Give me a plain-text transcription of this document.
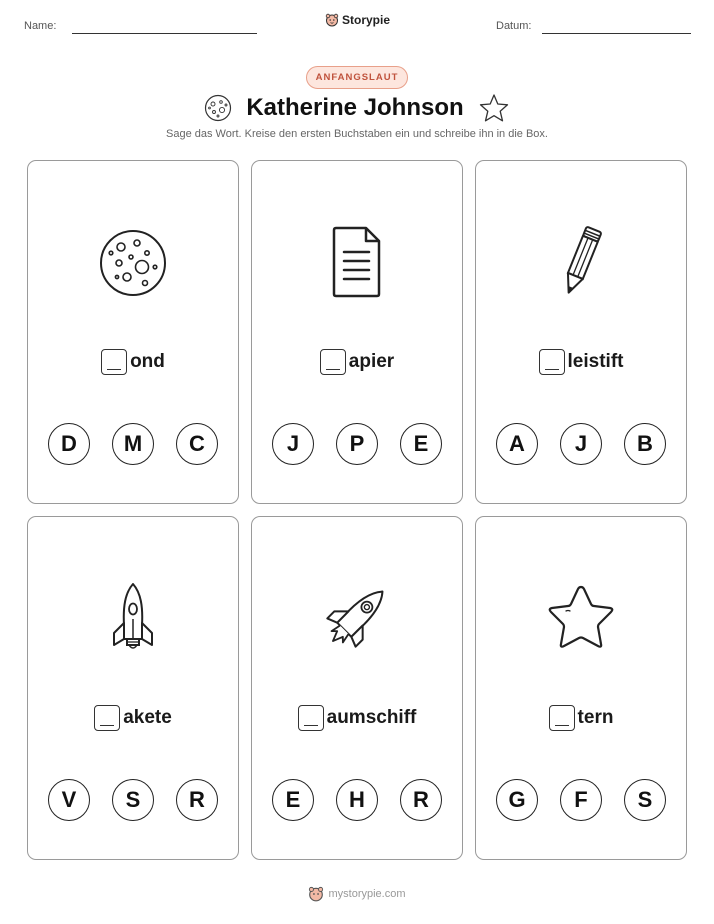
Name:	Storypie	Datum:
ANFANGSLAUT
Katherine Johnson
Sage das Wort. Kreise den ersten Buchstaben ein und schreibe ihn in die Box.
ond
D	M	C
apier
J	P	E
leistift
A	J	B
akete
V	S	R
aumschiff
E	H	R
tern
G	F	S
mystorypie.com
